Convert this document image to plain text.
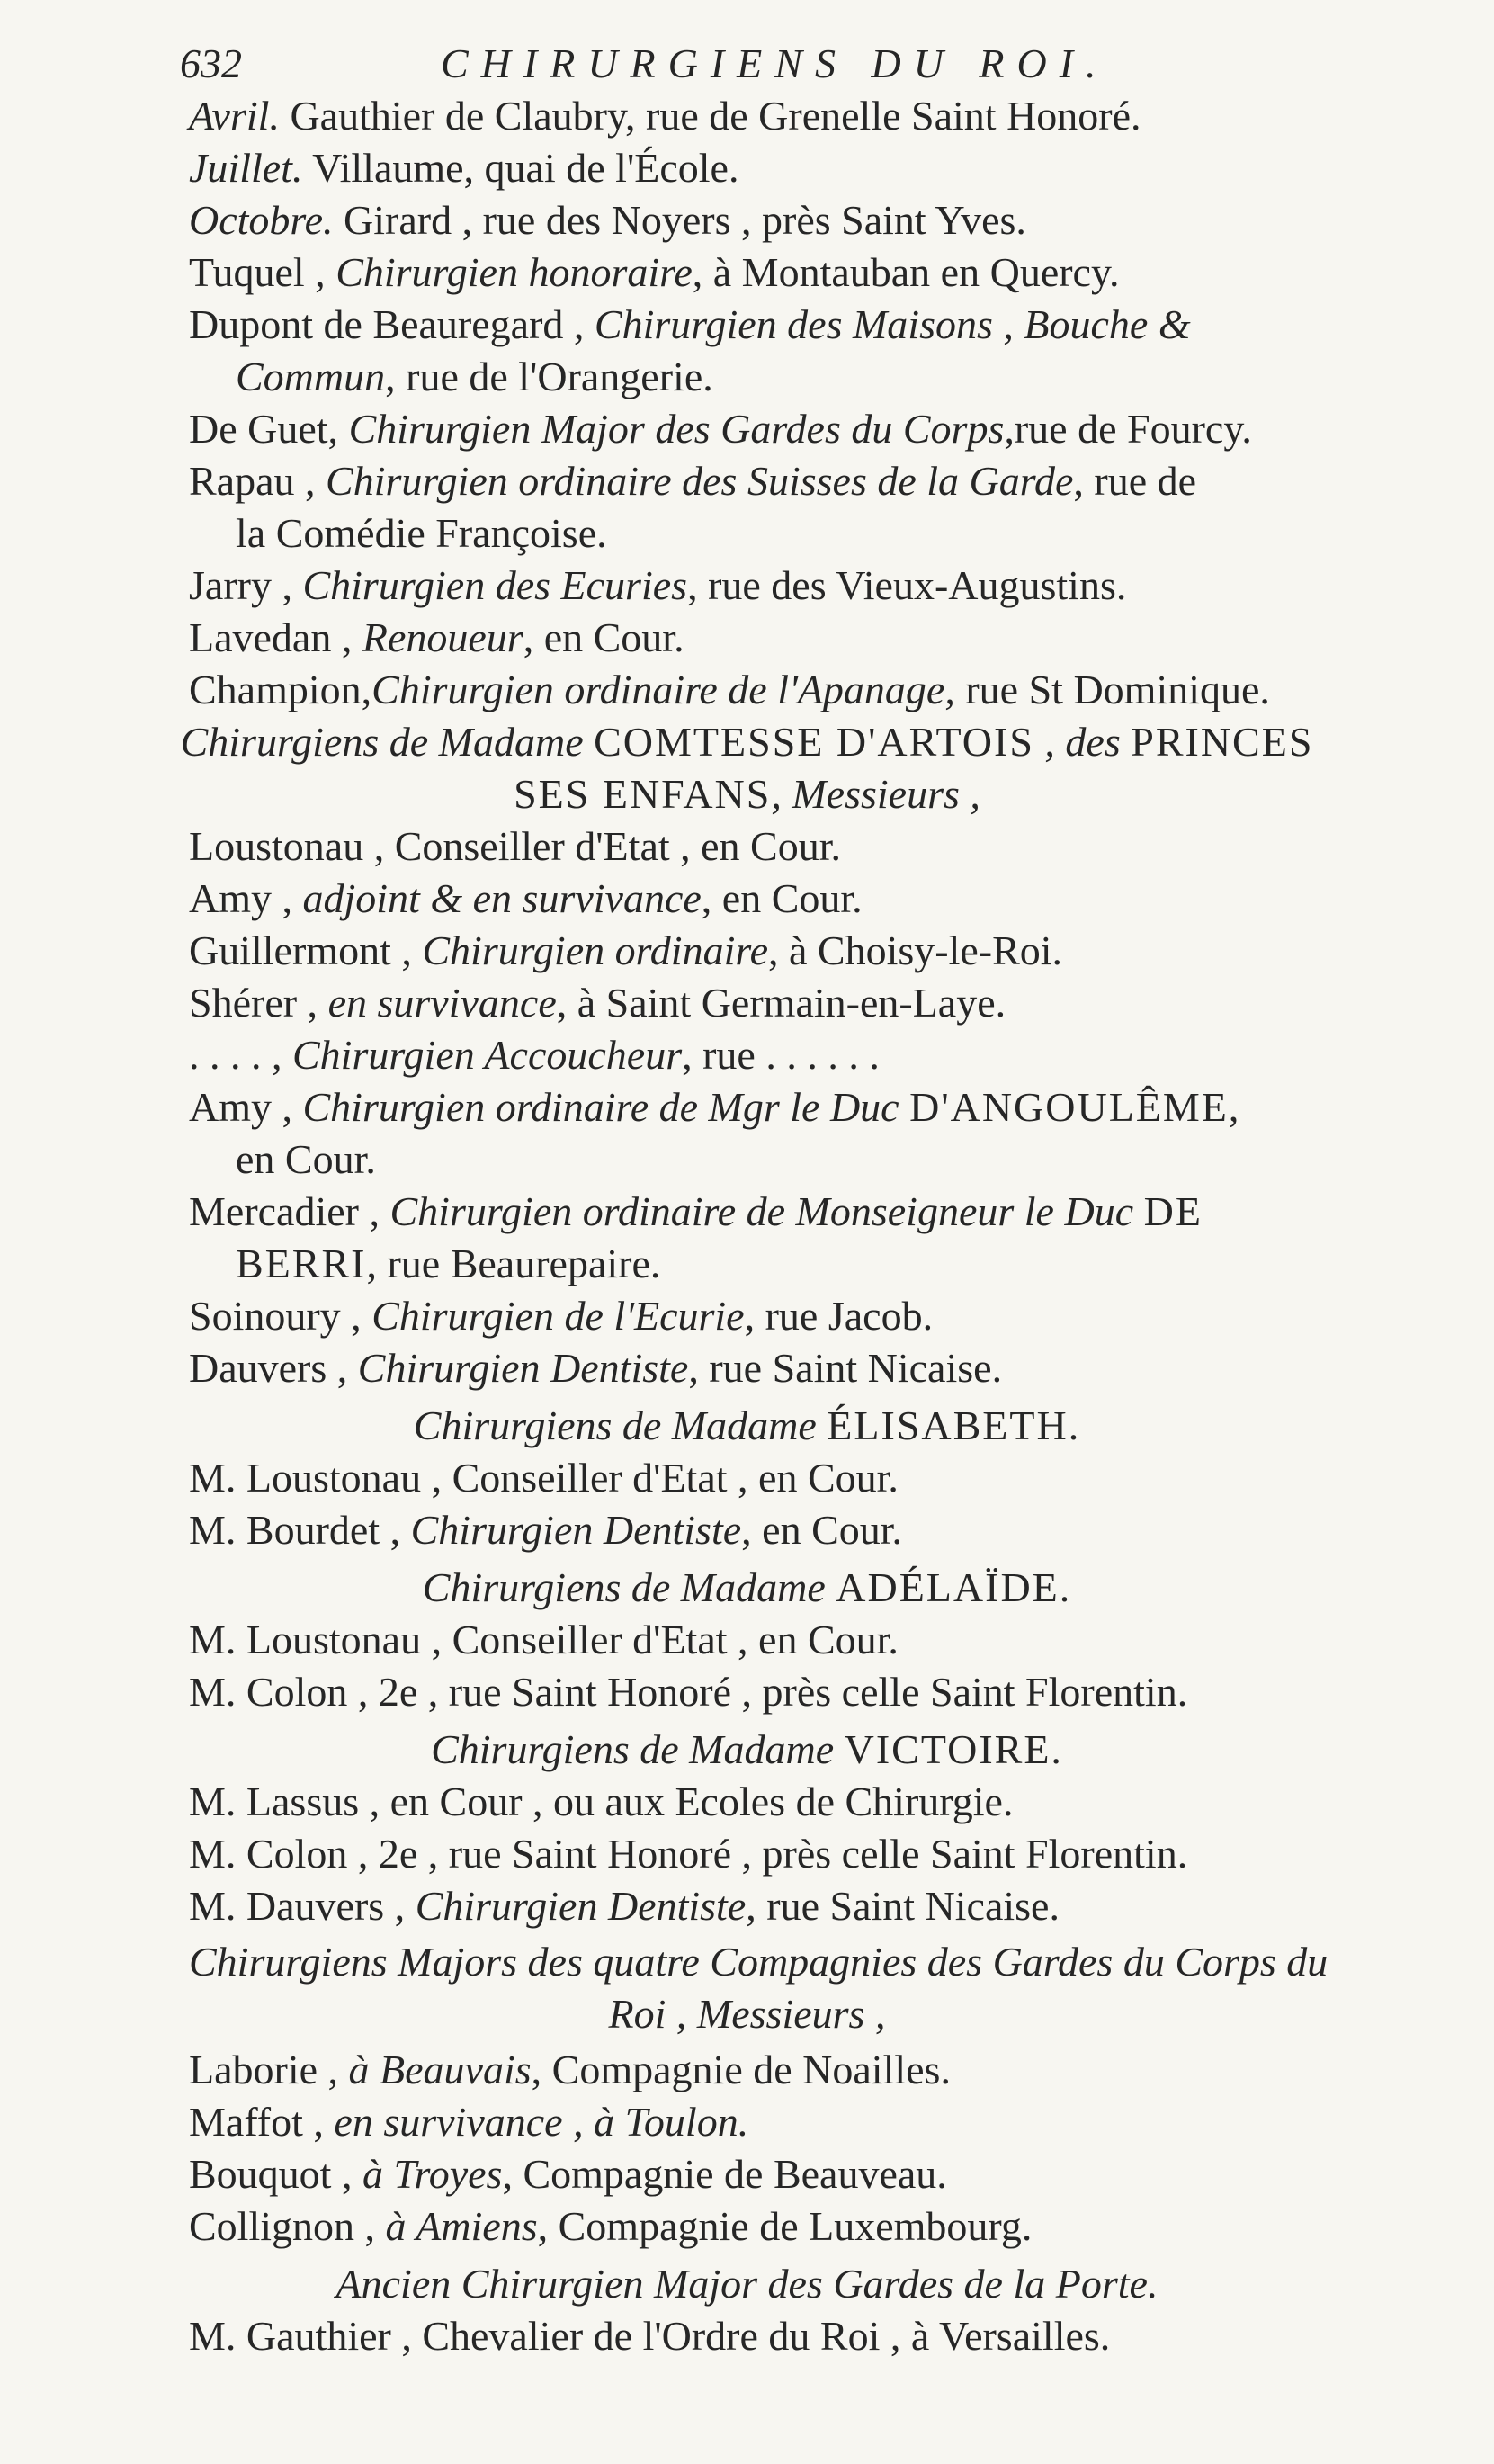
632	CHIRURGIENS DU ROI.
Avril. Gauthier de Claubry, rue de Grenelle Saint Honoré.
Juillet. Villaume, quai de l'École.
Octobre. Girard , rue des Noyers , près Saint Yves.
Tuquel , Chirurgien honoraire, à Montauban en Quercy.
Dupont de Beauregard , Chirurgien des Maisons , Bouche &
Commun, rue de l'Orangerie.
De Guet, Chirurgien Major des Gardes du Corps,rue de Fourcy.
Rapau , Chirurgien ordinaire des Suisses de la Garde, rue de
la Comédie Françoise.
Jarry , Chirurgien des Ecuries, rue des Vieux-Augustins.
Lavedan , Renoueur, en Cour.
Champion,Chirurgien ordinaire de l'Apanage, rue St Dominique.
Chirurgiens de Madame COMTESSE D'ARTOIS , des PRINCES
SES ENFANS, Messieurs ,
Loustonau , Conseiller d'Etat , en Cour.
Amy , adjoint & en survivance, en Cour.
Guillermont , Chirurgien ordinaire, à Choisy-le-Roi.
Shérer , en survivance, à Saint Germain-en-Laye.
. . . . , Chirurgien Accoucheur, rue . . . . . .
Amy , Chirurgien ordinaire de Mgr le Duc D'ANGOULÊME,
en Cour.
Mercadier , Chirurgien ordinaire de Monseigneur le Duc DE
BERRI, rue Beaurepaire.
Soinoury , Chirurgien de l'Ecurie, rue Jacob.
Dauvers , Chirurgien Dentiste, rue Saint Nicaise.
Chirurgiens de Madame ÉLISABETH.
M. Loustonau , Conseiller d'Etat , en Cour.
M. Bourdet , Chirurgien Dentiste, en Cour.
Chirurgiens de Madame ADÉLAÏDE.
M. Loustonau , Conseiller d'Etat , en Cour.
M. Colon , 2e , rue Saint Honoré , près celle Saint Florentin.
Chirurgiens de Madame VICTOIRE.
M. Lassus , en Cour , ou aux Ecoles de Chirurgie.
M. Colon , 2e , rue Saint Honoré , près celle Saint Florentin.
M. Dauvers , Chirurgien Dentiste, rue Saint Nicaise.
Chirurgiens Majors des quatre Compagnies des Gardes du Corps du
Roi , Messieurs ,
Laborie , à Beauvais, Compagnie de Noailles.
Maffot , en survivance , à Toulon.
Bouquot , à Troyes, Compagnie de Beauveau.
Collignon , à Amiens, Compagnie de Luxembourg.
Ancien Chirurgien Major des Gardes de la Porte.
M. Gauthier , Chevalier de l'Ordre du Roi , à Versailles.
